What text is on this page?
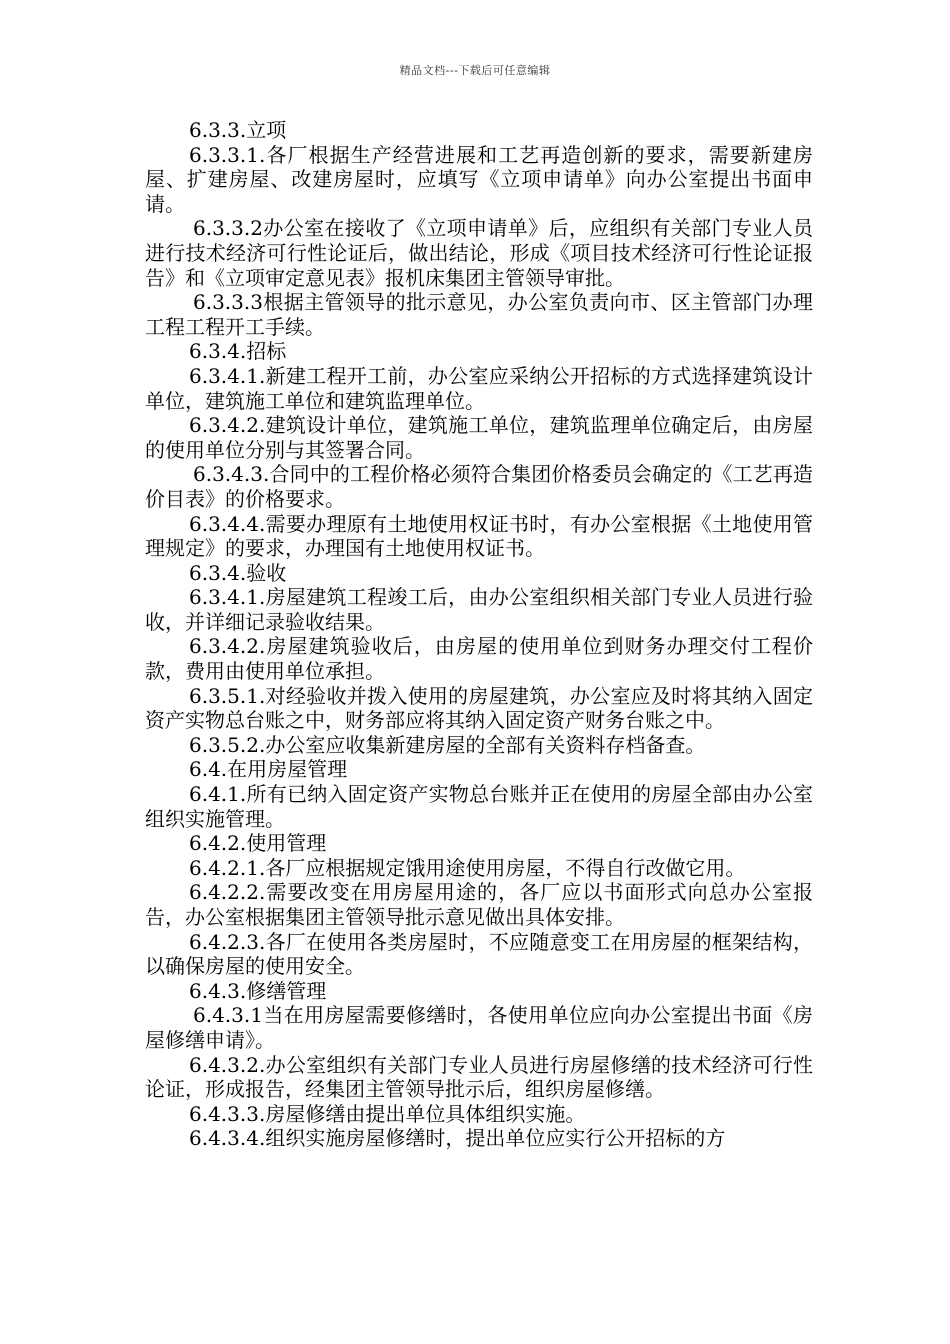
精品文档---下载后可任意编辑

6.3.3.立项

6.3.3.1.各厂根据生产经营进展和工艺再造创新的要求，需要新建房屋、扩建房屋、改建房屋时，应填写《立项申请单》向办公室提出书面申请。

6.3.3.2办公室在接收了《立项申请单》后，应组织有关部门专业人员进行技术经济可行性论证后，做出结论，形成《项目技术经济可行性论证报告》和《立项审定意见表》报机床集团主管领导审批。

6.3.3.3根据主管领导的批示意见，办公室负责向市、区主管部门办理工程工程开工手续。

6.3.4.招标

6.3.4.1.新建工程开工前，办公室应采纳公开招标的方式选择建筑设计单位，建筑施工单位和建筑监理单位。

6.3.4.2.建筑设计单位，建筑施工单位，建筑监理单位确定后，由房屋的使用单位分别与其签署合同。

6.3.4.3.合同中的工程价格必须符合集团价格委员会确定的《工艺再造价目表》的价格要求。

6.3.4.4.需要办理原有土地使用权证书时，有办公室根据《土地使用管理规定》的要求，办理国有土地使用权证书。

6.3.4.验收

6.3.4.1.房屋建筑工程竣工后，由办公室组织相关部门专业人员进行验收，并详细记录验收结果。

6.3.4.2.房屋建筑验收后，由房屋的使用单位到财务办理交付工程价款，费用由使用单位承担。

6.3.5.1.对经验收并拨入使用的房屋建筑，办公室应及时将其纳入固定资产实物总台账之中，财务部应将其纳入固定资产财务台账之中。

6.3.5.2.办公室应收集新建房屋的全部有关资料存档备查。

6.4.在用房屋管理

6.4.1.所有已纳入固定资产实物总台账并正在使用的房屋全部由办公室组织实施管理。

6.4.2.使用管理

6.4.2.1.各厂应根据规定饿用途使用房屋，不得自行改做它用。

6.4.2.2.需要改变在用房屋用途的，各厂应以书面形式向总办公室报告，办公室根据集团主管领导批示意见做出具体安排。

6.4.2.3.各厂在使用各类房屋时，不应随意变工在用房屋的框架结构，以确保房屋的使用安全。

6.4.3.修缮管理

6.4.3.1当在用房屋需要修缮时，各使用单位应向办公室提出书面《房屋修缮申请》。

6.4.3.2.办公室组织有关部门专业人员进行房屋修缮的技术经济可行性论证，形成报告，经集团主管领导批示后，组织房屋修缮。

6.4.3.3.房屋修缮由提出单位具体组织实施。

6.4.3.4.组织实施房屋修缮时，提出单位应实行公开招标的方
